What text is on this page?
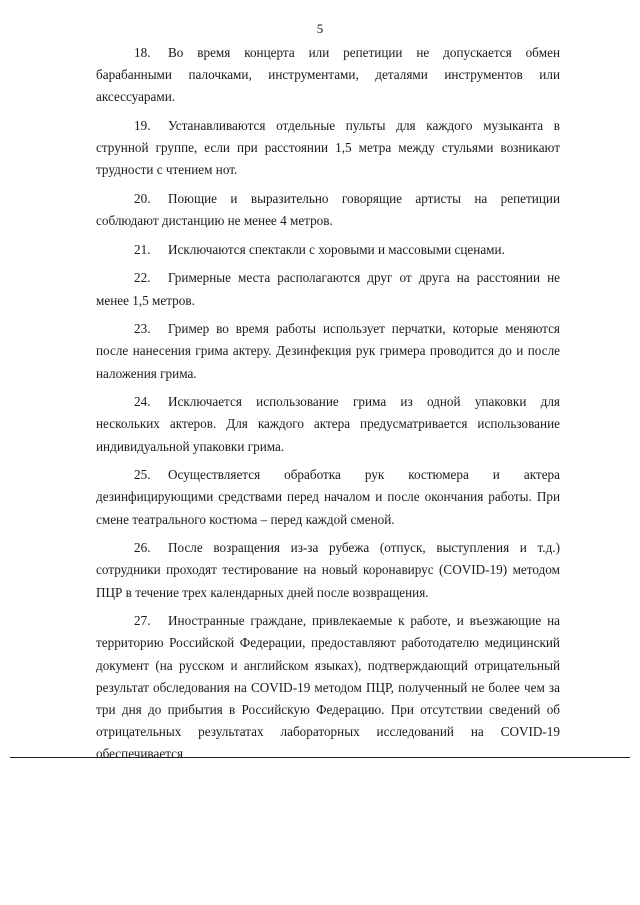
5

18. Во время концерта или репетиции не допускается обмен барабанными палочками, инструментами, деталями инструментов или аксессуарами.

19. Устанавливаются отдельные пульты для каждого музыканта в струнной группе, если при расстоянии 1,5 метра между стульями возникают трудности с чтением нот.

20. Поющие и выразительно говорящие артисты на репетиции соблюдают дистанцию не менее 4 метров.

21. Исключаются спектакли с хоровыми и массовыми сценами.

22. Гримерные места располагаются друг от друга на расстоянии не менее 1,5 метров.

23. Гример во время работы использует перчатки, которые меняются после нанесения грима актеру. Дезинфекция рук гримера проводится до и после наложения грима.

24. Исключается использование грима из одной упаковки для нескольких актеров. Для каждого актера предусматривается использование индивидуальной упаковки грима.

25. Осуществляется обработка рук костюмера и актера дезинфицирующими средствами перед началом и после окончания работы. При смене театрального костюма – перед каждой сменой.

26. После возращения из-за рубежа (отпуск, выступления и т.д.) сотрудники проходят тестирование на новый коронавирус (COVID-19) методом ПЦР в течение трех календарных дней после возвращения.

27. Иностранные граждане, привлекаемые к работе, и въезжающие на территорию Российской Федерации, предоставляют работодателю медицинский документ (на русском и английском языках), подтверждающий отрицательный результат обследования на COVID-19 методом ПЦР, полученный не более чем за три дня до прибытия в Российскую Федерацию. При отсутствии сведений об отрицательных результатах лабораторных исследований на COVID-19 обеспечивается
